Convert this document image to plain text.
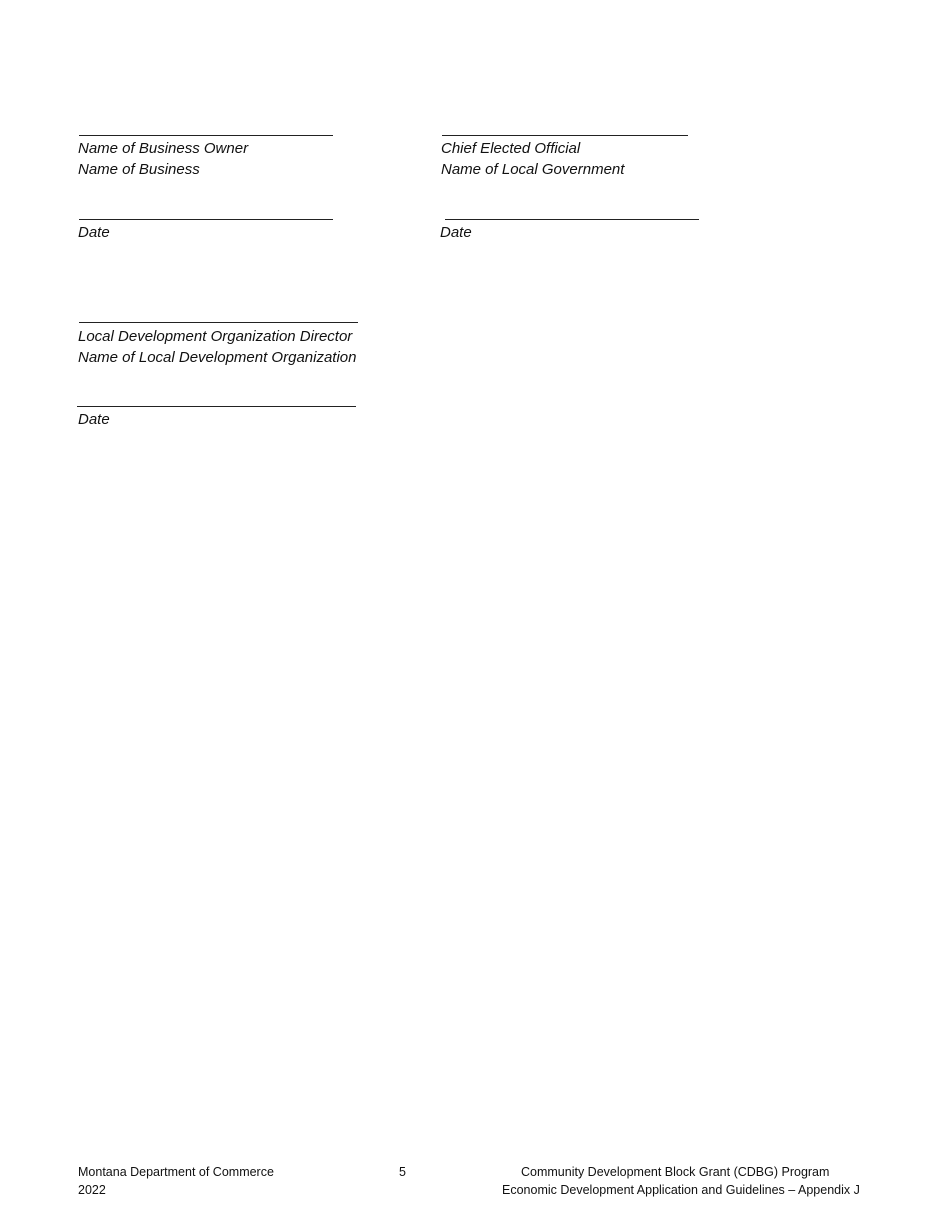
Name of Business Owner
Name of Business
Date
Chief Elected Official
Name of Local Government
Date
Local Development Organization Director
Name of Local Development Organization
Date
Montana Department of Commerce
2022
5	Community Development Block Grant (CDBG) Program
Economic Development Application and Guidelines – Appendix J
